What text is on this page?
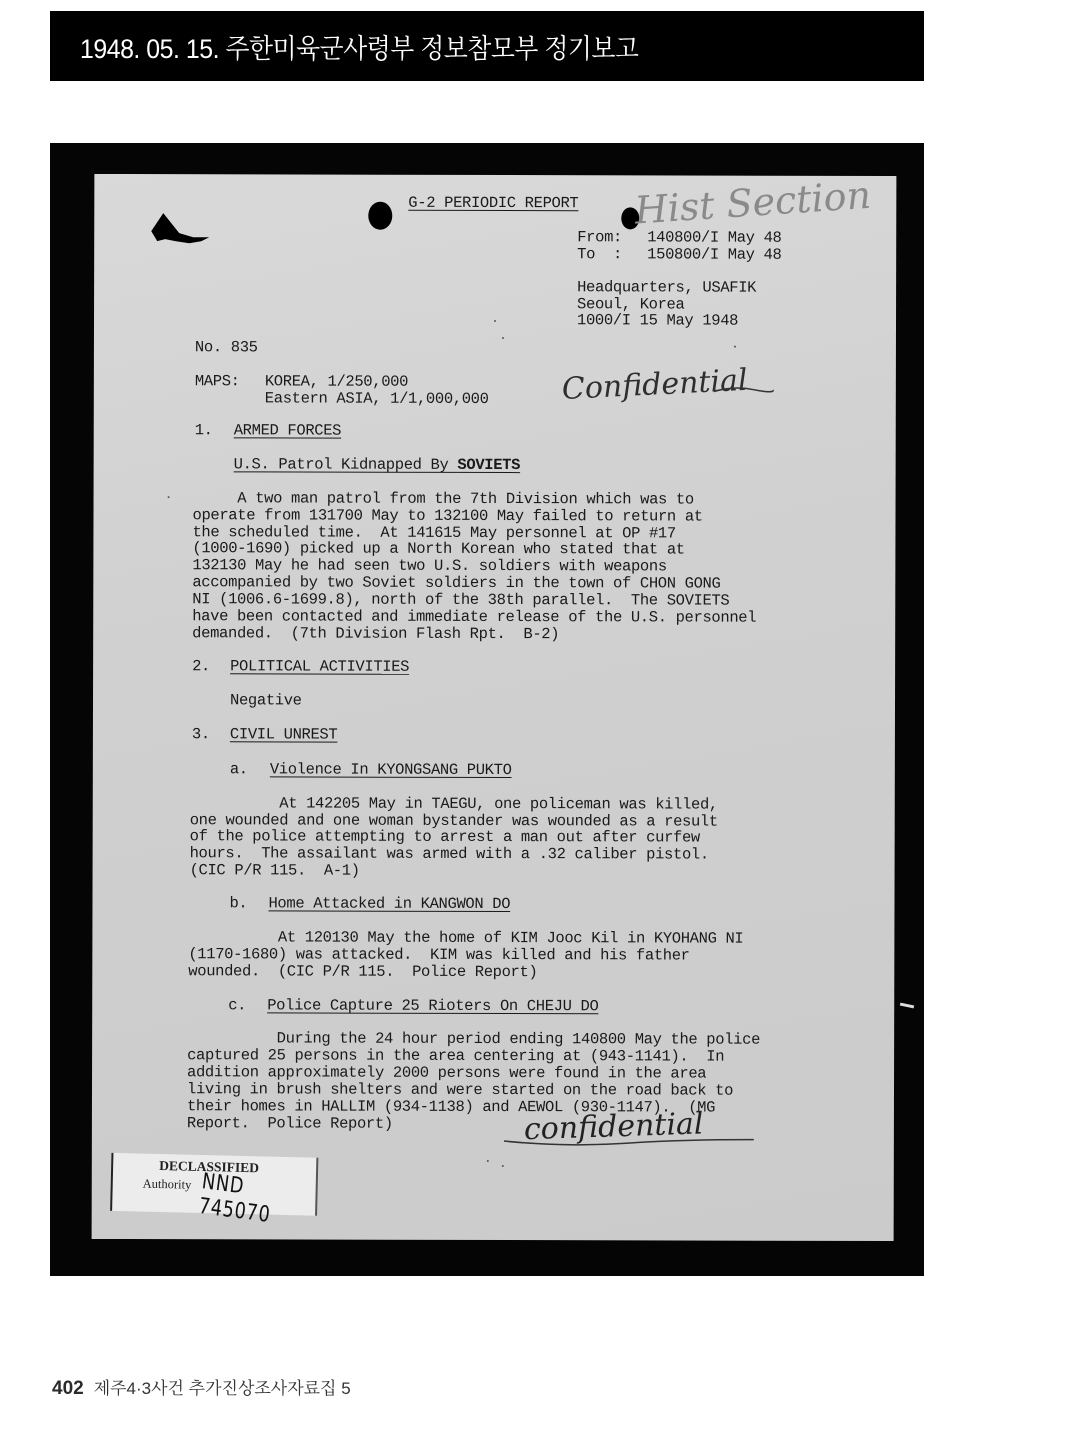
1948. 05. 15. 주한미육군사령부 정보참모부 정기보고
G-2 PERIODIC REPORT Hist Section
From: 140800/I May 48
To  : 150800/I May 48
Headquarters, USAFIK
Seoul, Korea
1000/I 15 May 1948
No. 835
MAPS: KOREA, 1/250,000
Eastern ASIA, 1/1,000,000 Confidential
1. ARMED FORCES
U.S. Patrol Kidnapped By SOVIETS
A two man patrol from the 7th Division which was to
operate from 131700 May to 132100 May failed to return at
the scheduled time.  At 141615 May personnel at OP #17
(1000-1690) picked up a North Korean who stated that at
132130 May he had seen two U.S. soldiers with weapons
accompanied by two Soviet soldiers in the town of CHON GONG
NI (1006.6-1699.8), north of the 38th parallel.  The SOVIETS
have been contacted and immediate release of the U.S. personnel
demanded.  (7th Division Flash Rpt.  B-2)
2. POLITICAL ACTIVITIES
Negative
3. CIVIL UNREST
a. Violence In KYONGSANG PUKTO
At 142205 May in TAEGU, one policeman was killed,
one wounded and one woman bystander was wounded as a result
of the police attempting to arrest a man out after curfew
hours.  The assailant was armed with a .32 caliber pistol.
(CIC P/R 115.  A-1)
b. Home Attacked in KANGWON DO
At 120130 May the home of KIM Jooc Kil in KYOHANG NI
(1170-1680) was attacked.  KIM was killed and his father
wounded.  (CIC P/R 115.  Police Report)
c. Police Capture 25 Rioters On CHEJU DO
During the 24 hour period ending 140800 May the police
captured 25 persons in the area centering at (943-1141).  In
addition approximately 2000 persons were found in the area
living in brush shelters and were started on the road back to
their homes in HALLIM (934-1138) and AEWOL (930-1147).  (MG
Report.  Police Report)	confidential
DECLASSIFIED
Authority NND 745070
402 제주4·3사건 추가진상조사자료집 5
